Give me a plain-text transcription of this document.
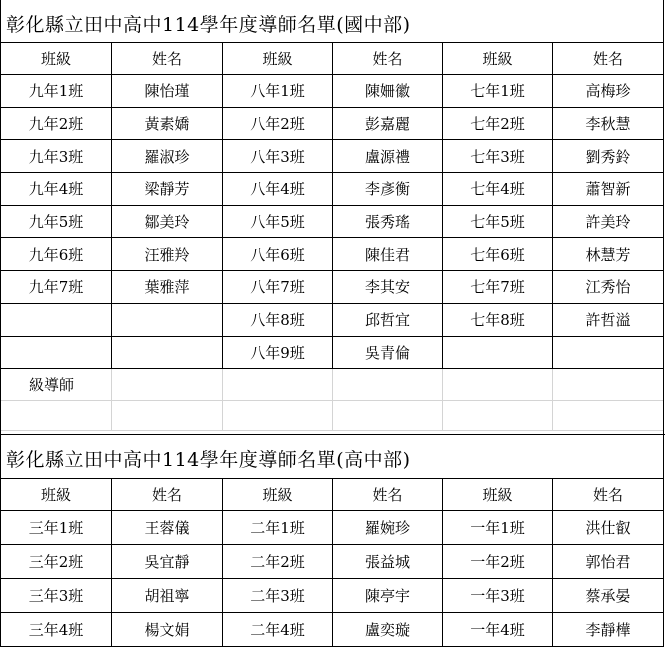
彰化縣立田中高中114學年度導師名單(國中部)
班級	姓名	班級	姓名	班級	姓名
九年1班	陳怡瑾	八年1班	陳姍徽	七年1班	高梅珍
九年2班	黃素嬌	八年2班	彭嘉麗	七年2班	李秋慧
九年3班	羅淑珍	八年3班	盧源禮	七年3班	劉秀鈴
九年4班	梁靜芳	八年4班	李彥衡	七年4班	蕭智新
九年5班	鄒美玲	八年5班	張秀瑤	七年5班	許美玲
九年6班	汪雅羚	八年6班	陳佳君	七年6班	林慧芳
九年7班	葉雅萍	八年7班	李其安	七年7班	江秀怡
		八年8班	邱哲宜	七年8班	許哲溢
		八年9班	吳青倫		
級導師					

彰化縣立田中高中114學年度導師名單(高中部)
班級	姓名	班級	姓名	班級	姓名
三年1班	王蓉儀	二年1班	羅婉珍	一年1班	洪仕叡
三年2班	吳宜靜	二年2班	張益城	一年2班	郭怡君
三年3班	胡祖寧	二年3班	陳亭宇	一年3班	蔡承晏
三年4班	楊文娟	二年4班	盧奕璇	一年4班	李靜樺
